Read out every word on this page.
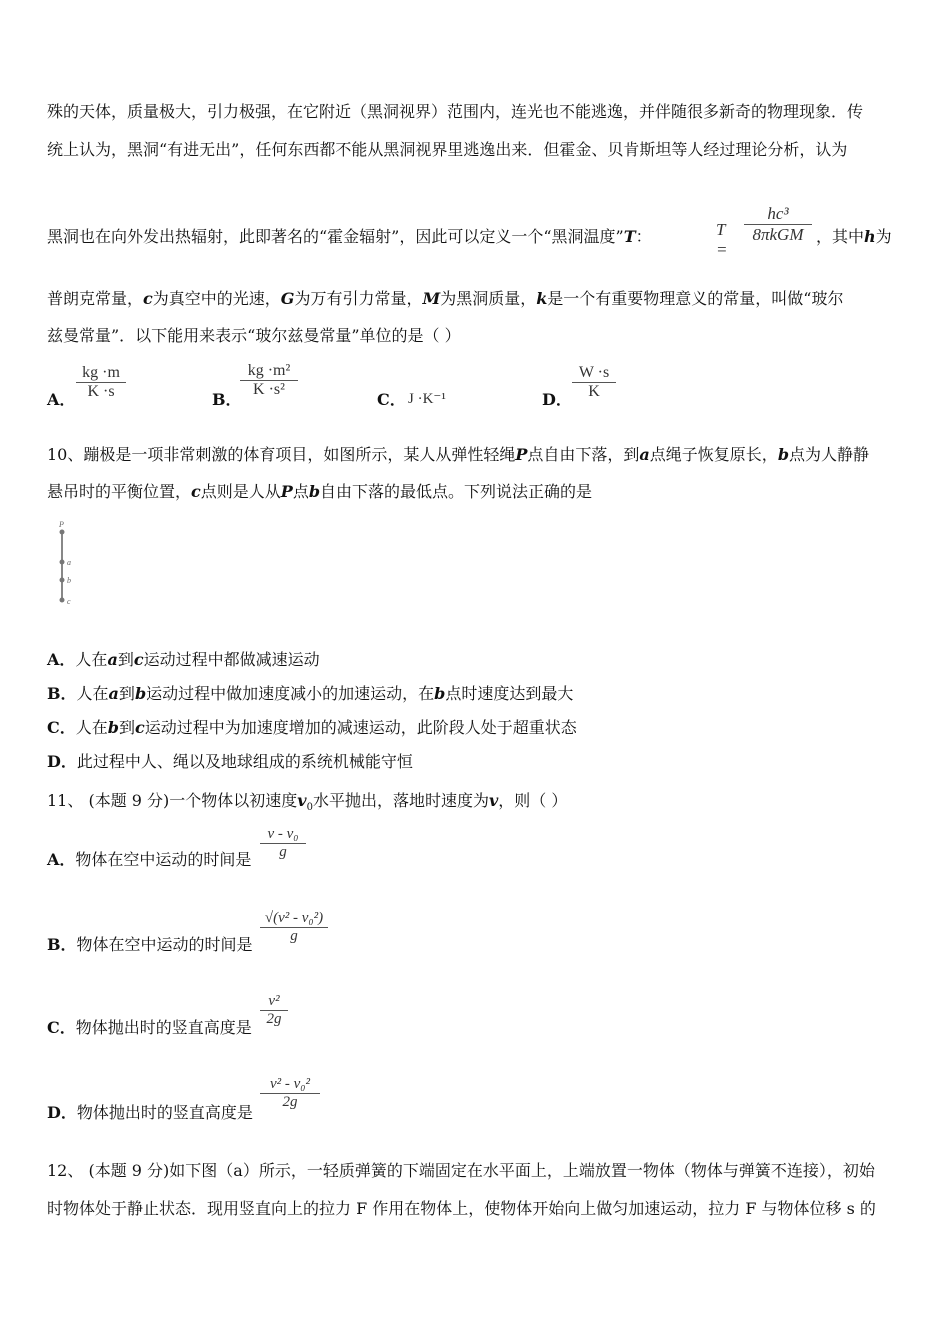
殊的天体，质量极大，引力极强，在它附近（黑洞视界）范围内，连光也不能逃逸，并伴随很多新奇的物理现象．传
统上认为，黑洞“有进无出”，任何东西都不能从黑洞视界里逃逸出来．但霍金、贝肯斯坦等人经过理论分析，认为
黑洞也在向外发出热辐射，此即著名的“霍金辐射”，因此可以定义一个“黑洞温度”T：	T =
hc³
8πkGM ，其中h为
普朗克常量，c为真空中的光速，G为万有引力常量，M为黑洞质量，k是一个有重要物理意义的常量，叫做“玻尔
兹曼常量”．以下能用来表示“玻尔兹曼常量”单位的是（ ）
A．
kg ·m
K ·s	B．
kg ·m²
K ·s²
C． J ·K⁻¹	D．
W ·s
K
10、蹦极是一项非常刺激的体育项目，如图所示，某人从弹性轻绳P点自由下落，到a点绳子恢复原长，b点为人静静
悬吊时的平衡位置，c点则是人从P点b自由下落的最低点。下列说法正确的是
P
a
b
c
A．人在a到c运动过程中都做减速运动
B．人在a到b运动过程中做加速度减小的加速运动，在b点时速度达到最大
C．人在b到c运动过程中为加速度增加的减速运动，此阶段人处于超重状态
D．此过程中人、绳以及地球组成的系统机械能守恒
11、 (本题 9 分)一个物体以初速度$v_0$水平抛出，落地时速度为v，则（ ）
A．物体在空中运动的时间是
v - v₀
g
B．物体在空中运动的时间是
√(v² - v₀²)
g
C．物体抛出时的竖直高度是
v²
2g
D．物体抛出时的竖直高度是
v² - v₀²
2g
12、 (本题 9 分)如下图（a）所示，一轻质弹簧的下端固定在水平面上，上端放置一物体（物体与弹簧不连接），初始
时物体处于静止状态．现用竖直向上的拉力 F 作用在物体上，使物体开始向上做匀加速运动，拉力 F 与物体位移 s 的
